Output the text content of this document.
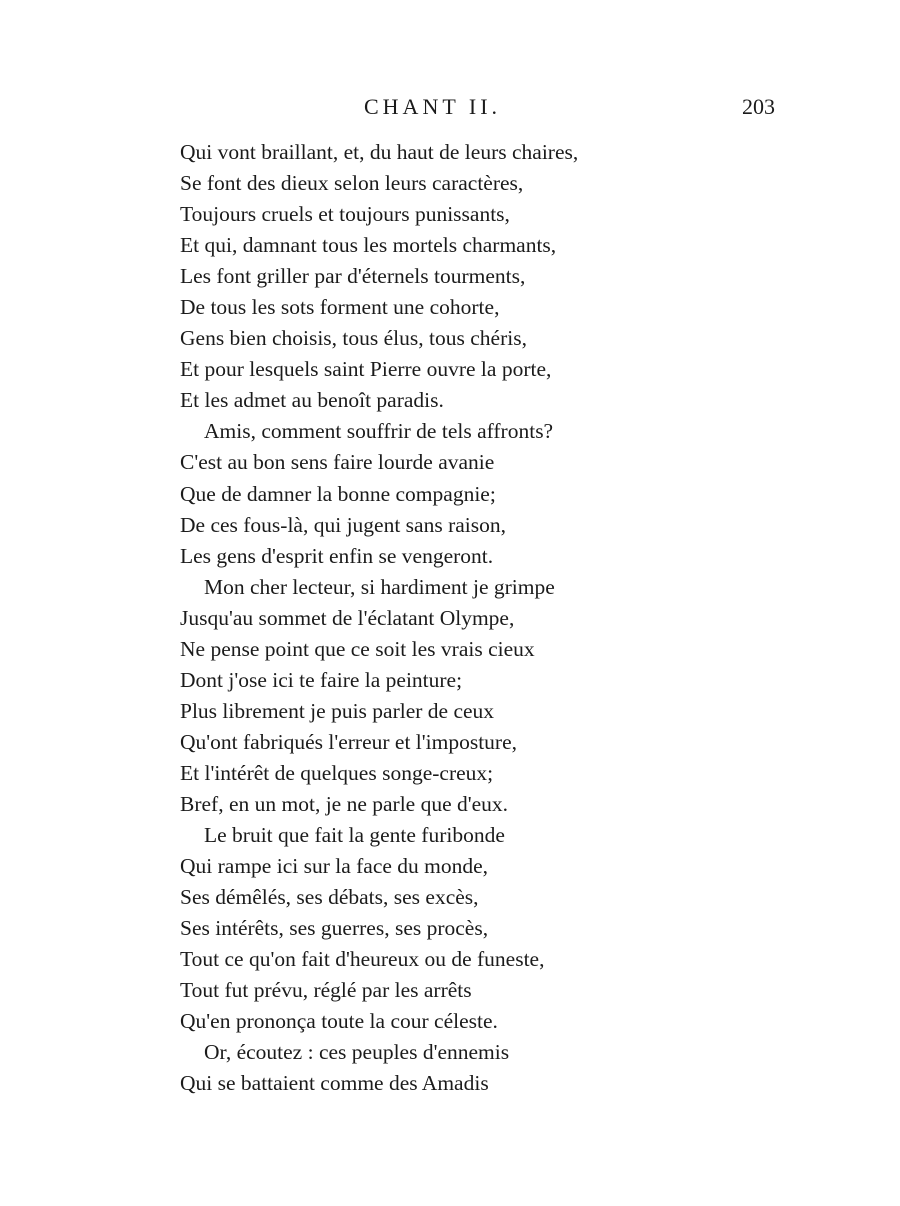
CHANT II.	203
Qui vont braillant, et, du haut de leurs chaires,
Se font des dieux selon leurs caractères,
Toujours cruels et toujours punissants,
Et qui, damnant tous les mortels charmants,
Les font griller par d'éternels tourments,
De tous les sots forment une cohorte,
Gens bien choisis, tous élus, tous chéris,
Et pour lesquels saint Pierre ouvre la porte,
Et les admet au benoît paradis.
Amis, comment souffrir de tels affronts?
C'est au bon sens faire lourde avanie
Que de damner la bonne compagnie;
De ces fous-là, qui jugent sans raison,
Les gens d'esprit enfin se vengeront.
Mon cher lecteur, si hardiment je grimpe
Jusqu'au sommet de l'éclatant Olympe,
Ne pense point que ce soit les vrais cieux
Dont j'ose ici te faire la peinture;
Plus librement je puis parler de ceux
Qu'ont fabriqués l'erreur et l'imposture,
Et l'intérêt de quelques songe-creux;
Bref, en un mot, je ne parle que d'eux.
Le bruit que fait la gente furibonde
Qui rampe ici sur la face du monde,
Ses démêlés, ses débats, ses excès,
Ses intérêts, ses guerres, ses procès,
Tout ce qu'on fait d'heureux ou de funeste,
Tout fut prévu, réglé par les arrêts
Qu'en prononça toute la cour céleste.
Or, écoutez : ces peuples d'ennemis
Qui se battaient comme des Amadis
